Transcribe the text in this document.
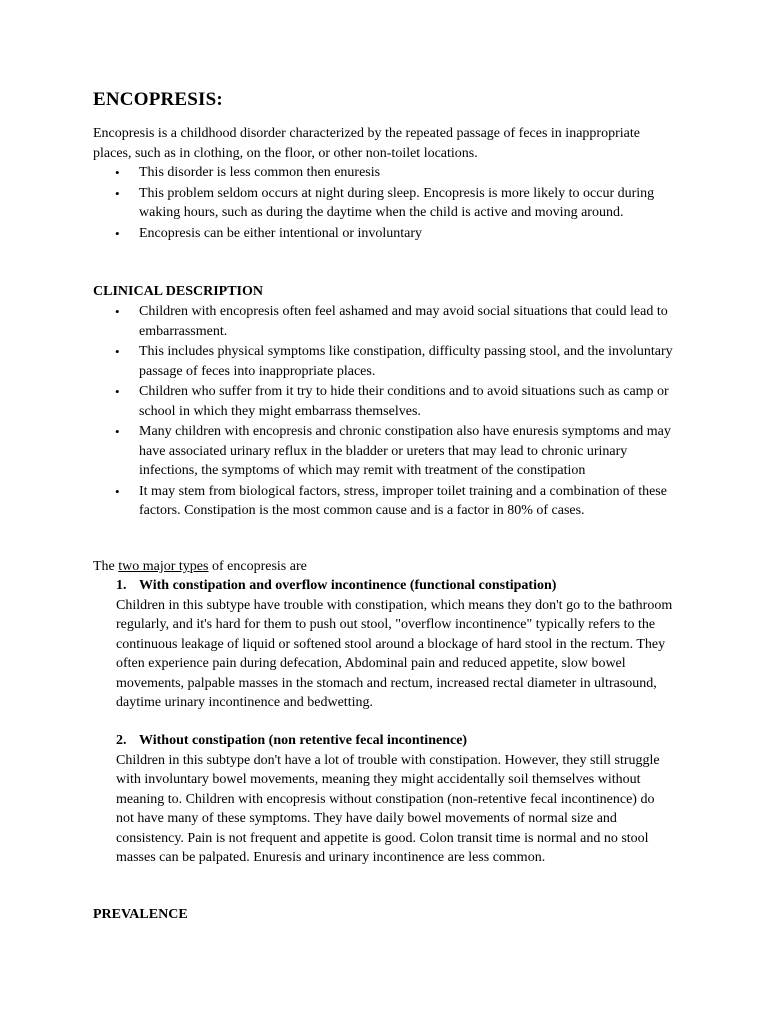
ENCOPRESIS:

Encopresis is a childhood disorder characterized by the repeated passage of feces in inappropriate places, such as in clothing, on the floor, or other non-toilet locations.

• This disorder is less common then enuresis
• This problem seldom occurs at night during sleep. Encopresis is more likely to occur during waking hours, such as during the daytime when the child is active and moving around.
• Encopresis can be either intentional or involuntary
CLINICAL DESCRIPTION
• Children with encopresis often feel ashamed and may avoid social situations that could lead to embarrassment.
• This includes physical symptoms like constipation, difficulty passing stool, and the involuntary passage of feces into inappropriate places.
• Children who suffer from it try to hide their conditions and to avoid situations such as camp or school in which they might embarrass themselves.
• Many children with encopresis and chronic constipation also have enuresis symptoms and may have associated urinary reflux in the bladder or ureters that may lead to chronic urinary infections, the symptoms of which may remit with treatment of the constipation
• It may stem from biological factors, stress, improper toilet training and a combination of these factors. Constipation is the most common cause and is a factor in 80% of cases.

The two major types of encopresis are

1. With constipation and overflow incontinence (functional constipation)

Children in this subtype have trouble with constipation, which means they don't go to the bathroom regularly, and it's hard for them to push out stool, "overflow incontinence" typically refers to the continuous leakage of liquid or softened stool around a blockage of hard stool in the rectum. They often experience pain during defecation, Abdominal pain and reduced appetite, slow bowel movements, palpable masses in the stomach and rectum, increased rectal diameter in ultrasound, daytime urinary incontinence and bedwetting.

2. Without constipation (non retentive fecal incontinence)

Children in this subtype don't have a lot of trouble with constipation. However, they still struggle with involuntary bowel movements, meaning they might accidentally soil themselves without meaning to. Children with encopresis without constipation (non-retentive fecal incontinence) do not have many of these symptoms. They have daily bowel movements of normal size and consistency. Pain is not frequent and appetite is good. Colon transit time is normal and no stool masses can be palpated. Enuresis and urinary incontinence are less common.

PREVALENCE
